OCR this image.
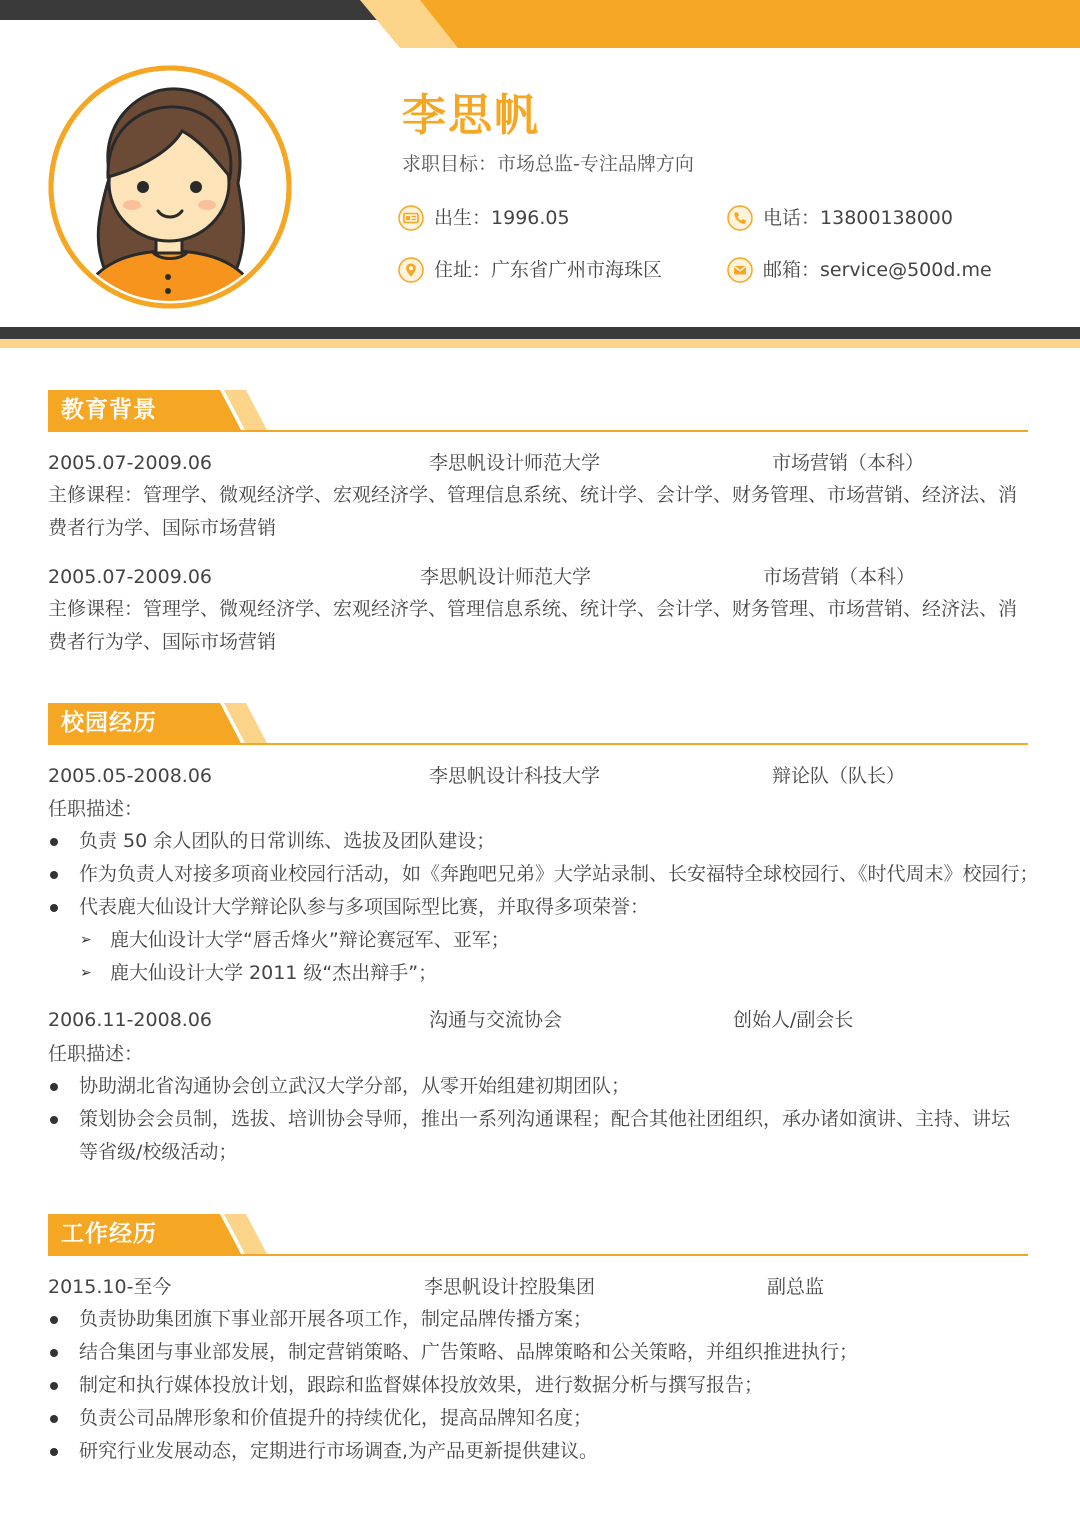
李思帆
求职目标：市场总监-专注品牌方向
出生： 1996.05	电话： 13800138000
住址： 广东省广州市海珠区	邮箱： service@500d.me
教育背景
2005.07-2009.06	李思帆设计师范大学	市场营销（本科）
主修课程：管理学、微观经济学、宏观经济学、管理信息系统、统计学、会计学、财务管理、市场营销、经济法、消费者行为学、国际市场营销
2005.07-2009.06	李思帆设计师范大学	市场营销（本科）
主修课程：管理学、微观经济学、宏观经济学、管理信息系统、统计学、会计学、财务管理、市场营销、经济法、消费者行为学、国际市场营销
校园经历
2005.05-2008.06	李思帆设计科技大学	辩论队（队长）
任职描述：
负责 50 余人团队的日常训练、选拔及团队建设；
作为负责人对接多项商业校园行活动，如《奔跑吧兄弟》大学站录制、长安福特全球校园行、《时代周末》校园行；
代表鹿大仙设计大学辩论队参与多项国际型比赛，并取得多项荣誉：
➢ 鹿大仙设计大学“唇舌烽火”辩论赛冠军、亚军；
➢ 鹿大仙设计大学 2011 级“杰出辩手”；
2006.11-2008.06	沟通与交流协会	创始人/副会长
任职描述：
协助湖北省沟通协会创立武汉大学分部，从零开始组建初期团队；
策划协会会员制，选拔、培训协会导师，推出一系列沟通课程；配合其他社团组织，承办诸如演讲、主持、讲坛等省级/校级活动；
工作经历
2015.10-至今	李思帆设计控股集团	副总监
负责协助集团旗下事业部开展各项工作，制定品牌传播方案；
结合集团与事业部发展，制定营销策略、广告策略、品牌策略和公关策略，并组织推进执行；
制定和执行媒体投放计划，跟踪和监督媒体投放效果，进行数据分析与撰写报告；
负责公司品牌形象和价值提升的持续优化，提高品牌知名度；
研究行业发展动态，定期进行市场调查,为产品更新提供建议。
